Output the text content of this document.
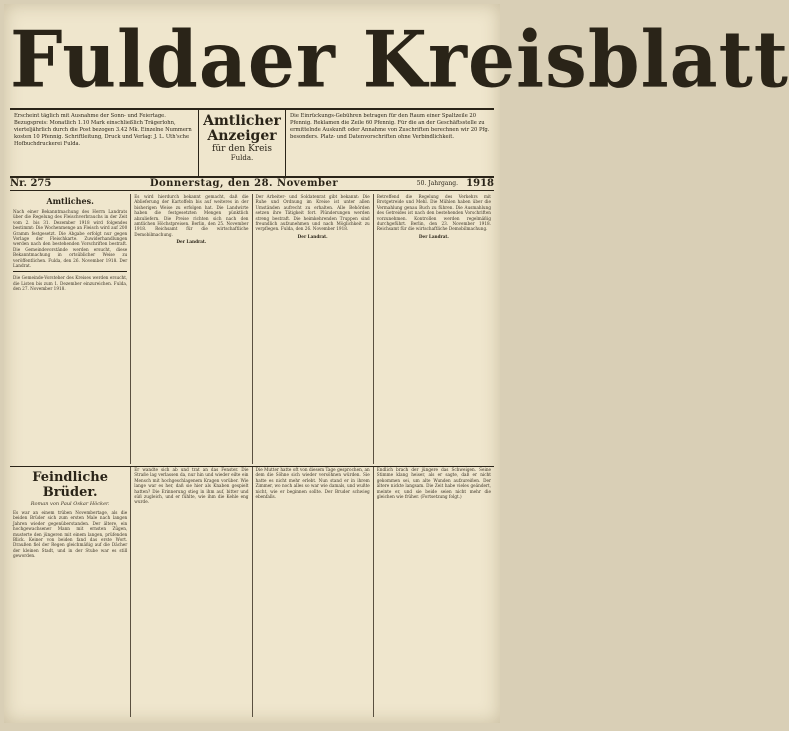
Fuldaer Kreisblatt
Erscheint täglich mit Ausnahme der Sonn- und Feiertage. Bezugspreis: Monatlich 1.10 Mark einschließlich Trägerlohn, vierteljährlich durch die Post bezogen 3.42 Mk. Einzelne Nummern kosten 10 Pfennig. Schriftleitung, Druck und Verlag: J. L. Uth'sche Hofbuchdruckerei Fulda.
Amtlicher
Anzeiger
für den Kreis
Fulda.
Die Einrückungs-Gebühren betragen für den Raum einer Spaltzeile 20 Pfennig. Reklamen die Zeile 60 Pfennig. Für die an der Geschäftsstelle zu ermittelnde Auskunft oder Annahme von Zuschriften berechnen wir 20 Pfg. besonders. Platz- und Datenvorschriften ohne Verbindlichkeit.
Nr. 275	Donnerstag, den 28. November	50. Jahrgang. 1918
Amtliches.
Nach einer Bekanntmachung des Herrn Landrats über die Regelung des Fleischverbrauchs in der Zeit vom 2. bis 31. Dezember 1918 wird folgendes bestimmt: Die Wochenmenge an Fleisch wird auf 200 Gramm festgesetzt. Die Abgabe erfolgt nur gegen Vorlage der Fleischkarte. Zuwiderhandlungen werden nach den bestehenden Vorschriften bestraft. Die Gemeindevorstände werden ersucht, diese Bekanntmachung in ortsüblicher Weise zu veröffentlichen. Fulda, den 26. November 1918. Der Landrat.
Die Gemeinde-Vorsteher des Kreises werden ersucht, die Listen bis zum 1. Dezember einzureichen. Fulda, den 27. November 1918.
Es wird hierdurch bekannt gemacht, daß die Ablieferung der Kartoffeln bis auf weiteres in der bisherigen Weise zu erfolgen hat. Die Landwirte haben die festgesetzten Mengen pünktlich abzuliefern. Die Preise richten sich nach den amtlichen Höchstpreisen. Berlin, den 25. November 1918. Reichsamt für die wirtschaftliche Demobilmachung.
Der Landrat.
Der Arbeiter- und Soldatenrat gibt bekannt: Die Ruhe und Ordnung im Kreise ist unter allen Umständen aufrecht zu erhalten. Alle Behörden setzen ihre Tätigkeit fort. Plünderungen werden streng bestraft. Die heimkehrenden Truppen sind freundlich aufzunehmen und nach Möglichkeit zu verpflegen. Fulda, den 26. November 1918.
Der Landrat.
Betreffend die Regelung des Verkehrs mit Brotgetreide und Mehl. Die Mühlen haben über die Vermahlung genau Buch zu führen. Die Ausmahlung des Getreides ist nach den bestehenden Vorschriften vorzunehmen. Kontrollen werden regelmäßig durchgeführt. Berlin, den 23. November 1918. Reichsamt für die wirtschaftliche Demobilmachung.
Der Landrat.
Feindliche Brüder.
Roman von Paul Oskar Höcker.
Es war an einem trüben Novembertage, als die beiden Brüder sich zum ersten Male nach langen Jahren wieder gegenüberstanden. Der ältere, ein hochgewachsener Mann mit ernsten Zügen, musterte den jüngeren mit einem langen, prüfenden Blick. Keiner von beiden fand das erste Wort. Draußen fiel der Regen gleichmäßig auf die Dächer der kleinen Stadt, und in der Stube war es still geworden.
Er wandte sich ab und trat an das Fenster. Die Straße lag verlassen da, nur hin und wieder eilte ein Mensch mit hochgeschlagenem Kragen vorüber. Wie lange war es her, daß sie hier als Knaben gespielt hatten? Die Erinnerung stieg in ihm auf, bitter und süß zugleich, und er fühlte, wie ihm die Kehle eng wurde.
Die Mutter hatte oft von diesem Tage gesprochen, an dem die Söhne sich wieder versöhnen würden. Sie hatte es nicht mehr erlebt. Nun stand er in ihrem Zimmer, wo noch alles so war wie damals, und wußte nicht, wie er beginnen sollte. Der Bruder schwieg ebenfalls.
Endlich brach der jüngere das Schweigen. Seine Stimme klang heiser, als er sagte, daß er nicht gekommen sei, um alte Wunden aufzureißen. Der ältere nickte langsam. Die Zeit habe vieles geändert, meinte er, und sie beide seien nicht mehr die gleichen wie früher. (Fortsetzung folgt.)
